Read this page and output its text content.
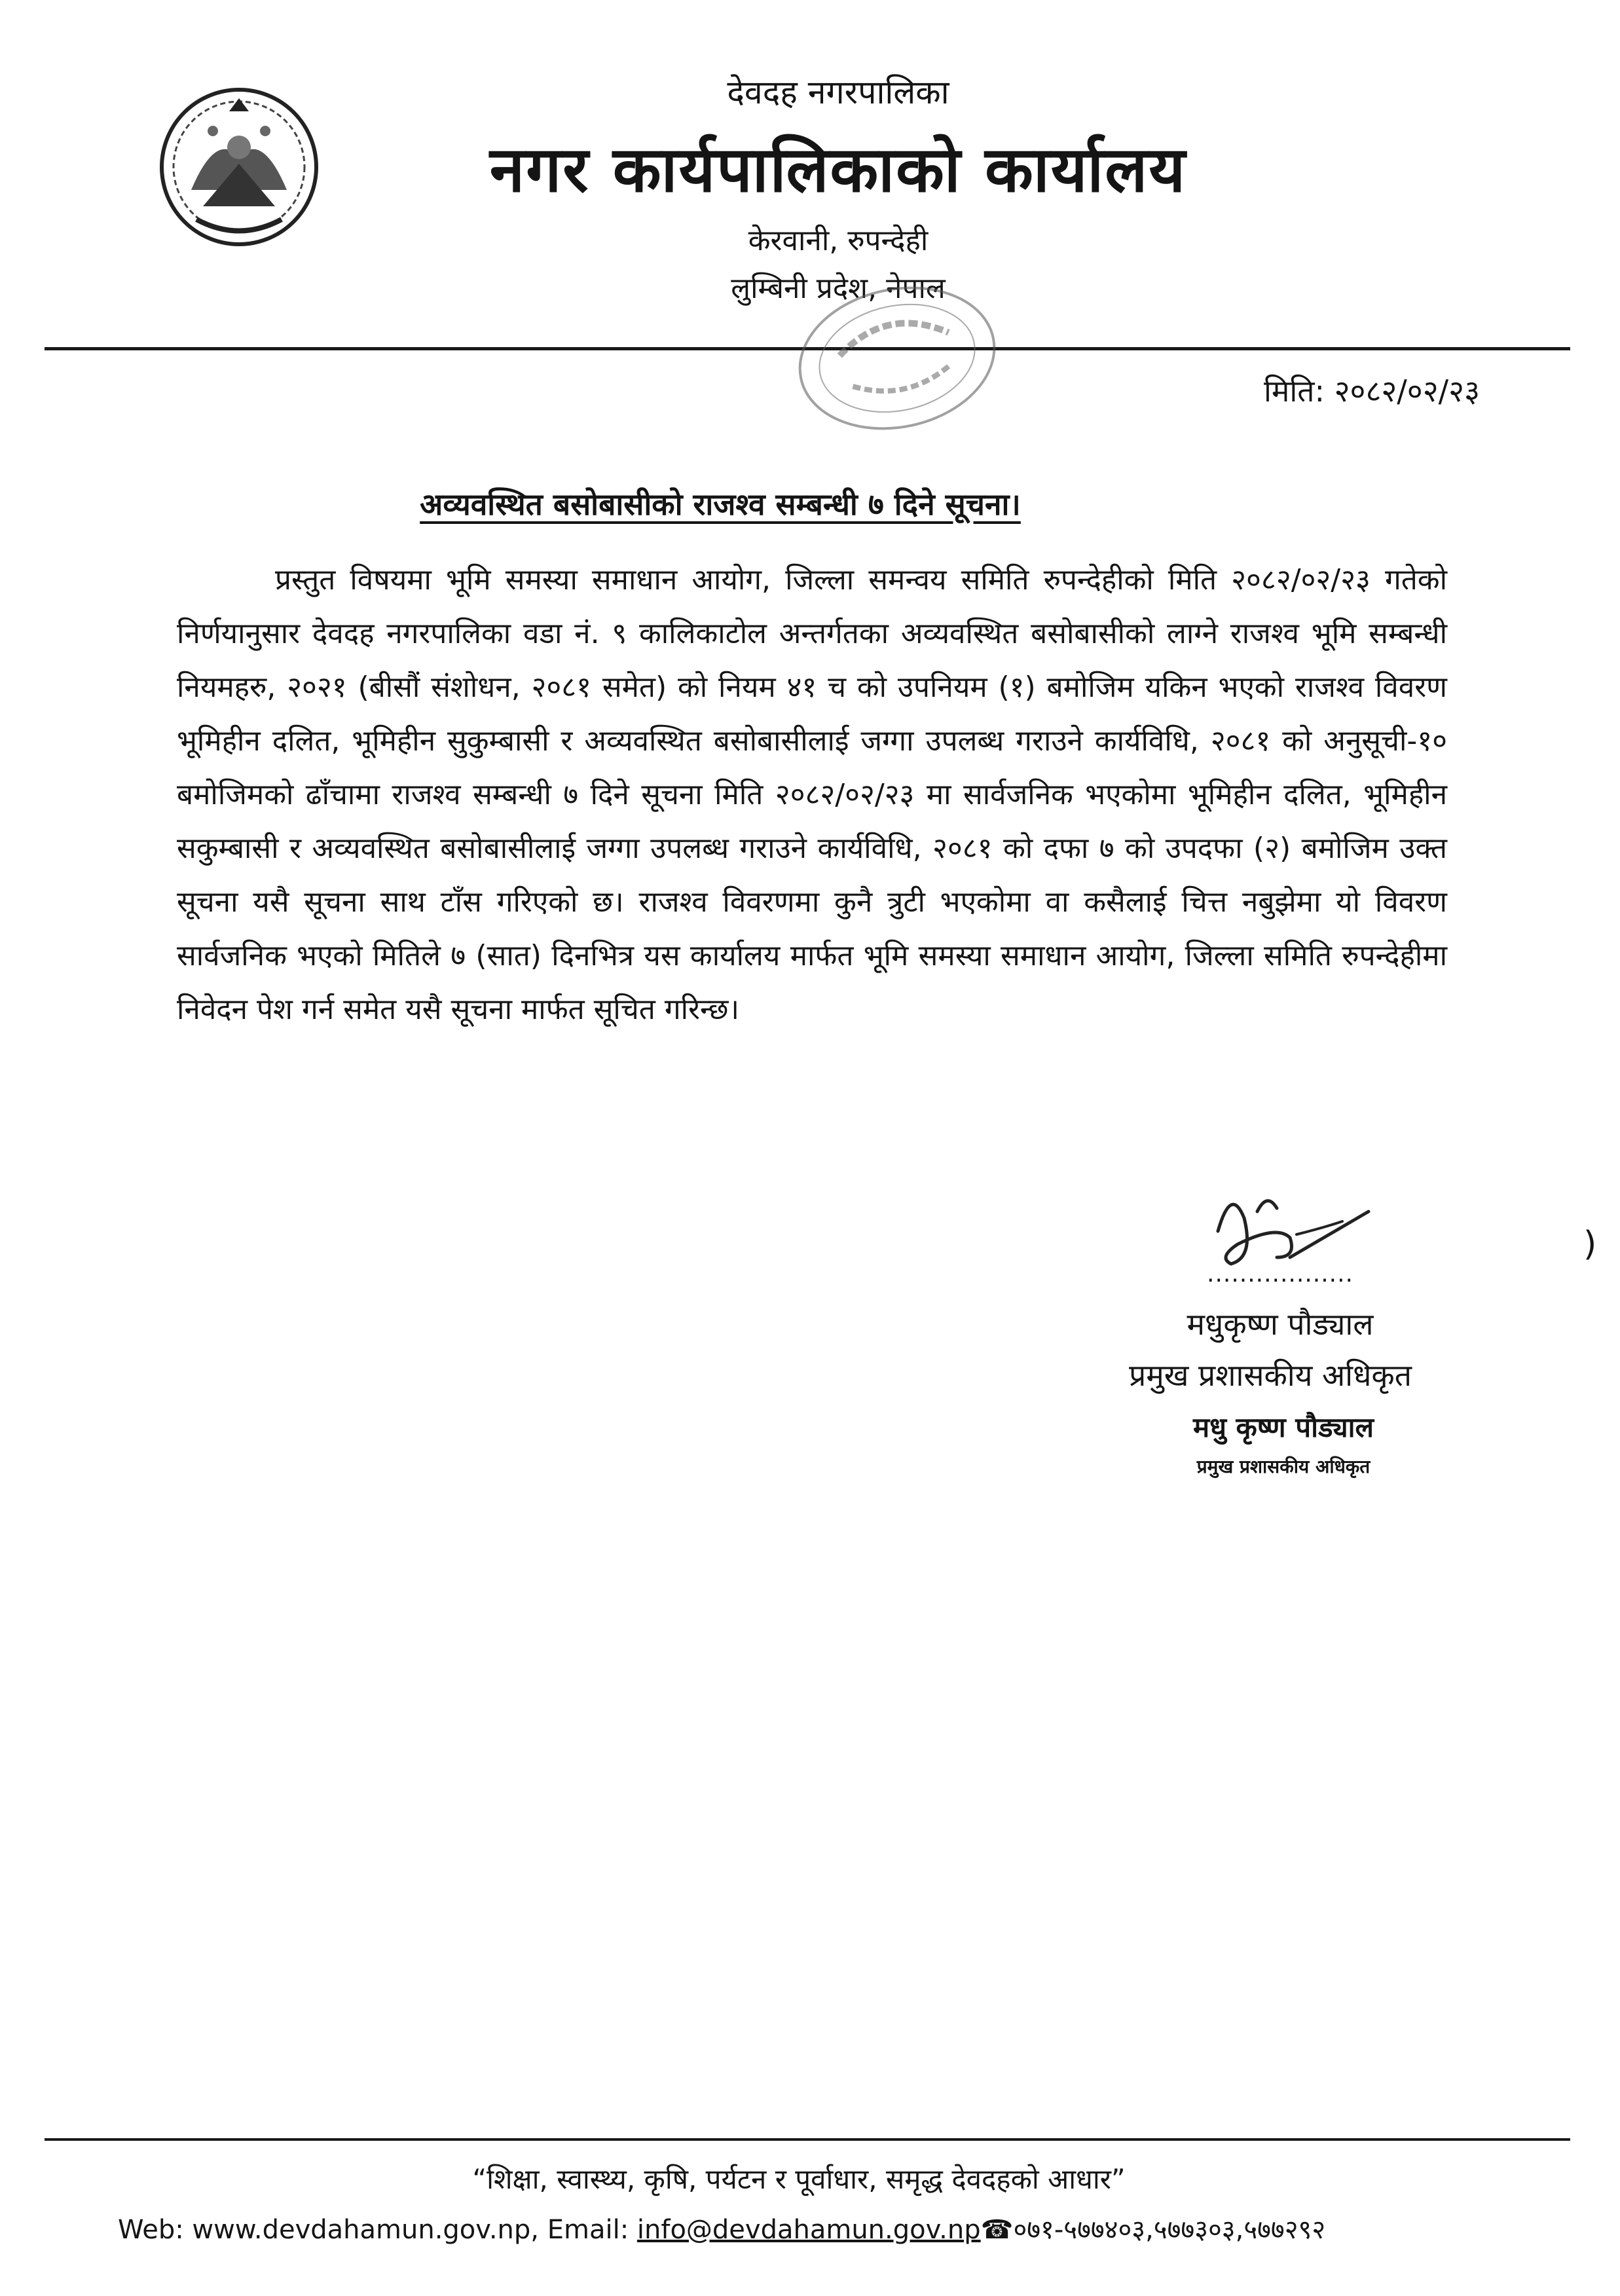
देवदह नगरपालिका
नगर कार्यपालिकाको कार्यालय
केरवानी, रुपन्देही
लुम्बिनी प्रदेश, नेपाल
मिति: २०८२/०२/२३
अव्यवस्थित बसोबासीको राजश्व सम्बन्धी ७ दिने सूचना।

प्रस्तुत विषयमा भूमि समस्या समाधान आयोग, जिल्ला समन्वय समिति रुपन्देहीको मिति २०८२/०२/२३ गतेको निर्णयानुसार देवदह नगरपालिका वडा नं. ९ कालिकाटोल अन्तर्गतका अव्यवस्थित बसोबासीको लाग्ने राजश्व भूमि सम्बन्धी नियमहरु, २०२१ (बीसौं संशोधन, २०८१ समेत) को नियम ४१ च को उपनियम (१) बमोजिम यकिन भएको राजश्व विवरण भूमिहीन दलित, भूमिहीन सुकुम्बासी र अव्यवस्थित बसोबासीलाई जग्गा उपलब्ध गराउने कार्यविधि, २०८१ को अनुसूची-१० बमोजिमको ढाँचामा राजश्व सम्बन्धी ७ दिने सूचना मिति २०८२/०२/२३ मा सार्वजनिक भएकोमा भूमिहीन दलित, भूमिहीन सकुम्बासी र अव्यवस्थित बसोबासीलाई जग्गा उपलब्ध गराउने कार्यविधि, २०८१ को दफा ७ को उपदफा (२) बमोजिम उक्त सूचना यसै सूचना साथ टाँस गरिएको छ। राजश्व विवरणमा कुनै त्रुटी भएकोमा वा कसैलाई चित्त नबुझेमा यो विवरण सार्वजनिक भएको मितिले ७ (सात) दिनभित्र यस कार्यालय मार्फत भूमि समस्या समाधान आयोग, जिल्ला समिति रुपन्देहीमा निवेदन पेश गर्न समेत यसै सूचना मार्फत सूचित गरिन्छ।

..................
मधुकृष्ण पौड्याल
प्रमुख प्रशासकीय अधिकृत
मधु कृष्ण पौड्याल
प्रमुख प्रशासकीय अधिकृत
)
“शिक्षा, स्वास्थ्य, कृषि, पर्यटन र पूर्वाधार, समृद्ध देवदहको आधार”
Web: www.devdahamun.gov.np, Email: info@devdahamun.gov.np☎०७१-५७७४०३,५७७३०३,५७७२९२
